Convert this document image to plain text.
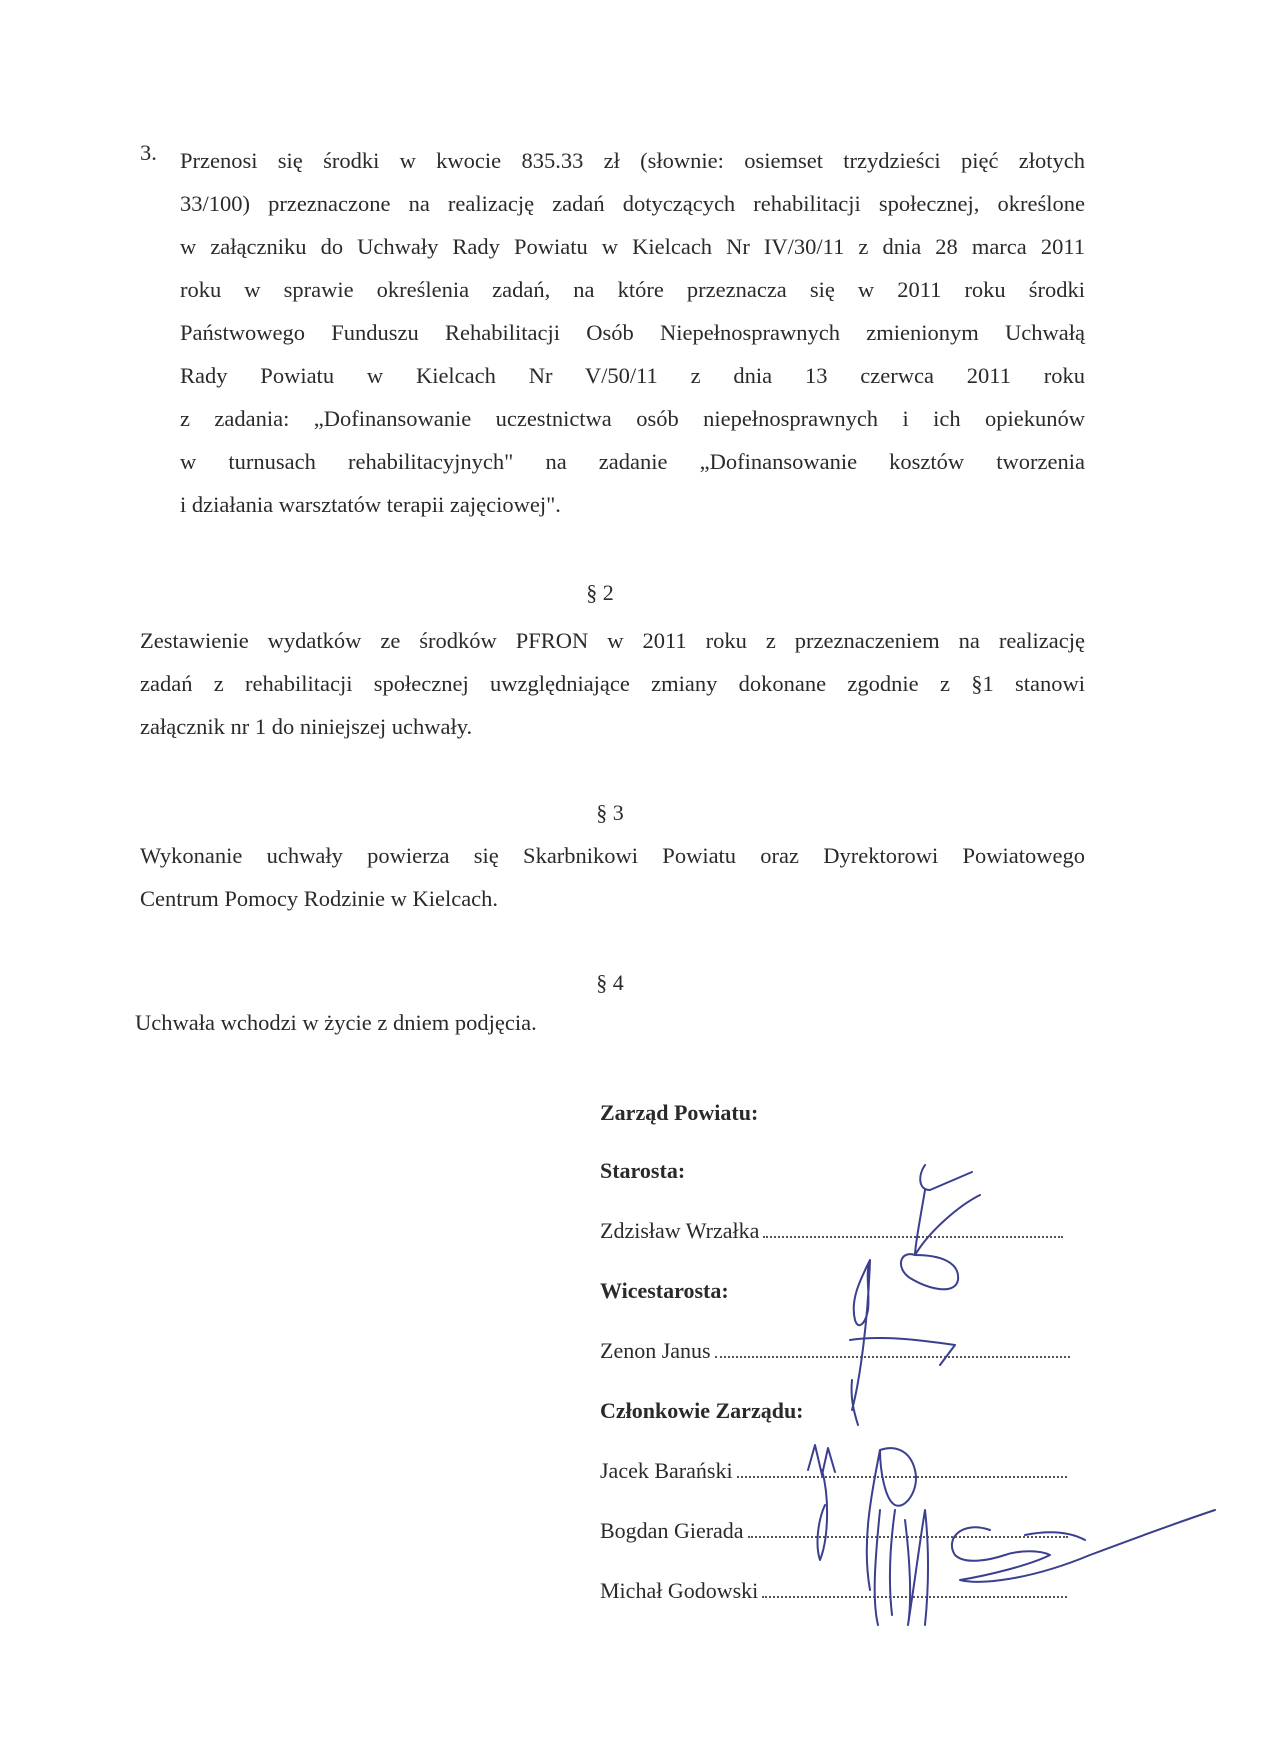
3. Przenosi się środki w kwocie 835.33 zł (słownie: osiemset trzydzieści pięć złotych
33/100) przeznaczone na realizację zadań dotyczących rehabilitacji społecznej, określone
w załączniku do Uchwały Rady Powiatu w Kielcach Nr IV/30/11 z dnia 28 marca 2011
roku w sprawie określenia zadań, na które przeznacza się w 2011 roku środki
Państwowego Funduszu Rehabilitacji Osób Niepełnosprawnych zmienionym Uchwałą
Rady Powiatu w Kielcach Nr V/50/11 z dnia 13 czerwca 2011 roku
z zadania: „Dofinansowanie uczestnictwa osób niepełnosprawnych i ich opiekunów
w turnusach rehabilitacyjnych" na zadanie „Dofinansowanie kosztów tworzenia
i działania warsztatów terapii zajęciowej".
§ 2
Zestawienie wydatków ze środków PFRON w 2011 roku z przeznaczeniem na realizację
zadań z rehabilitacji społecznej uwzględniające zmiany dokonane zgodnie z §1 stanowi
załącznik nr 1 do niniejszej uchwały.
§ 3
Wykonanie uchwały powierza się Skarbnikowi Powiatu oraz Dyrektorowi Powiatowego
Centrum Pomocy Rodzinie w Kielcach.
§ 4
Uchwała wchodzi w życie z dniem podjęcia.
Zarząd Powiatu:
Starosta:
Zdzisław Wrzałka
Wicestarosta:
Zenon Janus
Członkowie Zarządu:
Jacek Barański
Bogdan Gierada
Michał Godowski
